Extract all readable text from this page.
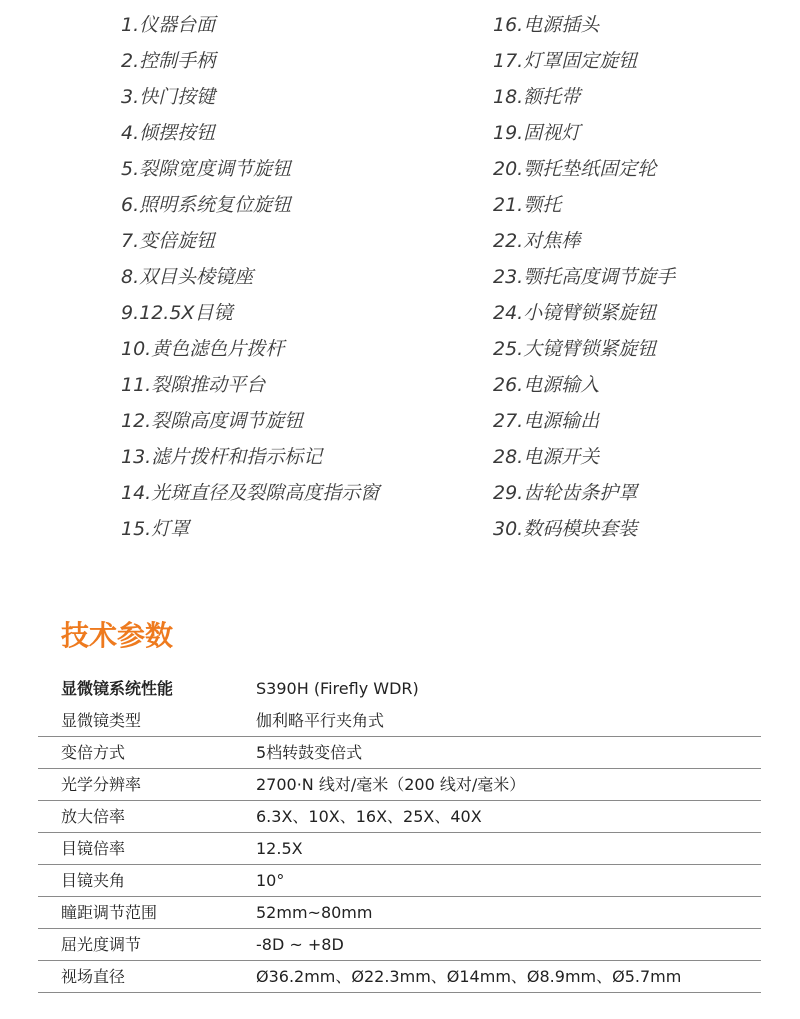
1.仪器台面
2.控制手柄
3.快门按键
4.倾摆按钮
5.裂隙宽度调节旋钮
6.照明系统复位旋钮
7.变倍旋钮
8.双目头棱镜座
9.12.5X目镜
10.黄色滤色片拨杆
11.裂隙推动平台
12.裂隙高度调节旋钮
13.滤片拨杆和指示标记
14.光斑直径及裂隙高度指示窗
15.灯罩
16.电源插头
17.灯罩固定旋钮
18.额托带
19.固视灯
20.颚托垫纸固定轮
21.颚托
22.对焦棒
23.颚托高度调节旋手
24.小镜臂锁紧旋钮
25.大镜臂锁紧旋钮
26.电源输入
27.电源输出
28.电源开关
29.齿轮齿条护罩
30.数码模块套装
技术参数
显微镜系统性能	S390H (Firefly WDR)
显微镜类型	伽利略平行夹角式
变倍方式	5档转鼓变倍式
光学分辨率	2700·N 线对/毫米（200 线对/毫米）
放大倍率	6.3X、10X、16X、25X、40X
目镜倍率	12.5X
目镜夹角	10°
瞳距调节范围	52mm~80mm
屈光度调节	-8D ~ +8D
视场直径	Ø36.2mm、Ø22.3mm、Ø14mm、Ø8.9mm、Ø5.7mm
